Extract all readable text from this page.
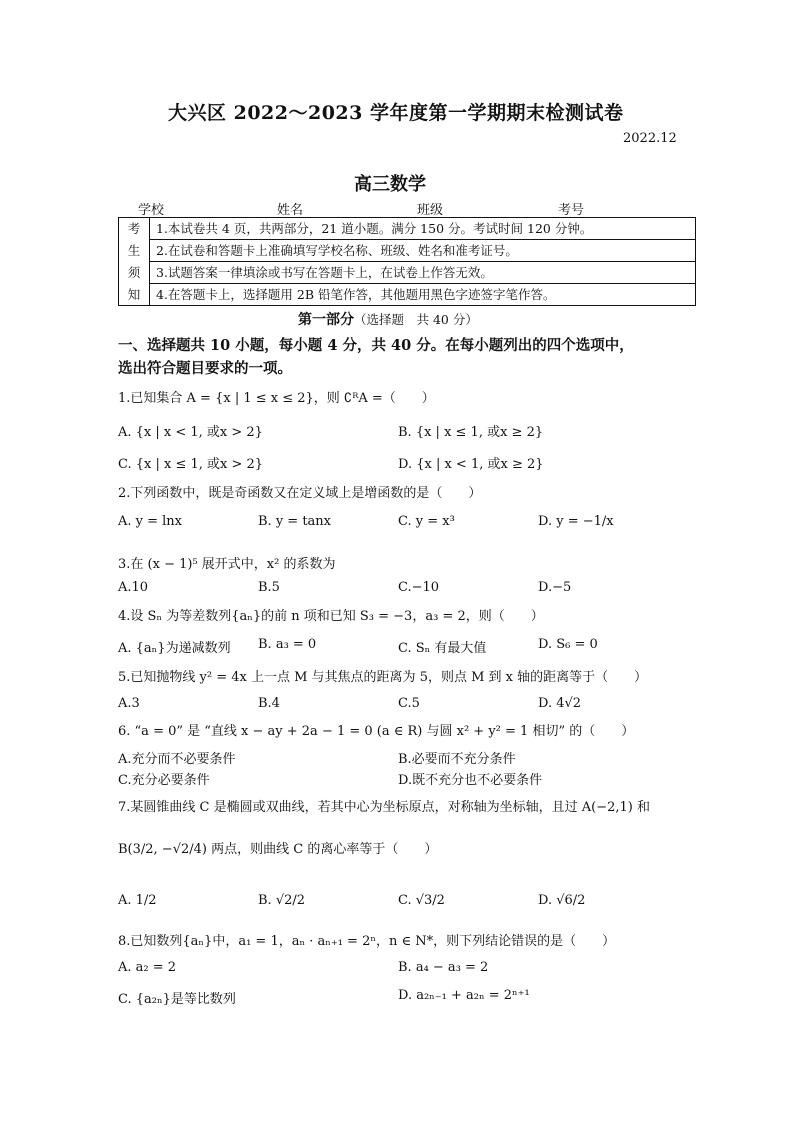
大兴区 2022～2023 学年度第一学期期末检测试卷
2022.12
高三数学
学校	姓名	班级	考号
考	1.本试卷共 4 页，共两部分，21 道小题。满分 150 分。考试时间 120 分钟。
生	2.在试卷和答题卡上准确填写学校名称、班级、姓名和准考证号。
须	3.试题答案一律填涂或书写在答题卡上，在试卷上作答无效。
知	4.在答题卡上，选择题用 2B 铅笔作答，其他题用黑色字迹签字笔作答。
第一部分（选择题　共 40 分）
一、选择题共 10 小题，每小题 4 分，共 40 分。在每小题列出的四个选项中，
选出符合题目要求的一项。
1.已知集合 A = {x | 1 ≤ x ≤ 2}，则 ∁ᴿA =（　　）
A. {x | x < 1, 或x > 2}	B. {x | x ≤ 1, 或x ≥ 2}
C. {x | x ≤ 1, 或x > 2}	D. {x | x < 1, 或x ≥ 2}
2.下列函数中，既是奇函数又在定义域上是增函数的是（　　）
A. y = lnx	B. y = tanx	C. y = x³	D. y = −1/x
3.在 (x − 1)⁵ 展开式中，x² 的系数为
A.10	B.5	C.−10	D.−5
4.设 Sₙ 为等差数列{aₙ}的前 n 项和已知 S₃ = −3，a₃ = 2，则（　　）
A. {aₙ}为递减数列 B. a₃ = 0	C. Sₙ 有最大值	D. S₆ = 0
5.已知抛物线 y² = 4x 上一点 M 与其焦点的距离为 5，则点 M 到 x 轴的距离等于（　　）
A.3	B.4	C.5	D. 4√2
6. “a = 0” 是 “直线 x − ay + 2a − 1 = 0 (a ∈ R) 与圆 x² + y² = 1 相切” 的（　　）
A.充分而不必要条件	B.必要而不充分条件
C.充分必要条件	D.既不充分也不必要条件
7.某圆锥曲线 C 是椭圆或双曲线，若其中心为坐标原点，对称轴为坐标轴，且过 A(−2,1) 和
B(3/2, −√2/4) 两点，则曲线 C 的离心率等于（　　）
A. 1/2	B. √2/2	C. √3/2	D. √6/2
8.已知数列{aₙ}中，a₁ = 1，aₙ · aₙ₊₁ = 2ⁿ，n ∈ N*，则下列结论错误的是（　　）
A. a₂ = 2	B. a₄ − a₃ = 2
C. {a₂ₙ}是等比数列	D. a₂ₙ₋₁ + a₂ₙ = 2ⁿ⁺¹
